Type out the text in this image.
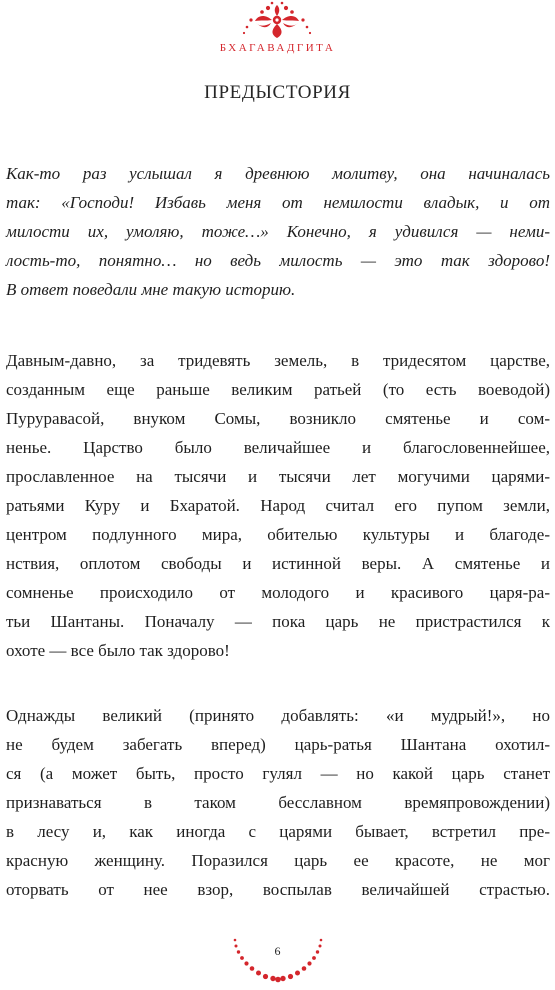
БХАГАВАДГИТА
ПРЕДЫСТОРИЯ
Как-то раз услышал я древнюю молитву, она начиналась
так: «Господи! Избавь меня от немилости владык, и от
милости их, умоляю, тоже…» Конечно, я удивился — неми-
лость-то, понятно… но ведь милость — это так здорово!
В ответ поведали мне такую историю.
Давным-давно, за тридевять земель, в тридесятом царстве,
созданным еще раньше великим ратьей (то есть воеводой)
Пуруравасой, внуком Сомы, возникло смятенье и сом-
ненье. Царство было величайшее и благословеннейшее,
прославленное на тысячи и тысячи лет могучими царями-
ратьями Куру и Бхаратой. Народ считал его пупом земли,
центром подлунного мира, обителью культуры и благоде-
нствия, оплотом свободы и истинной веры. А смятенье и
сомненье происходило от молодого и красивого царя-ра-
тьи Шантаны. Поначалу — пока царь не пристрастился к
охоте — все было так здорово!
Однажды великий (принято добавлять: «и мудрый!», но
не будем забегать вперед) царь-ратья Шантана охотил-
ся (а может быть, просто гулял — но какой царь станет
признаваться в таком бесславном времяпровождении)
в лесу и, как иногда с царями бывает, встретил пре-
красную женщину. Поразился царь ее красоте, не мог
оторвать от нее взор, воспылав величайшей страстью.
6
